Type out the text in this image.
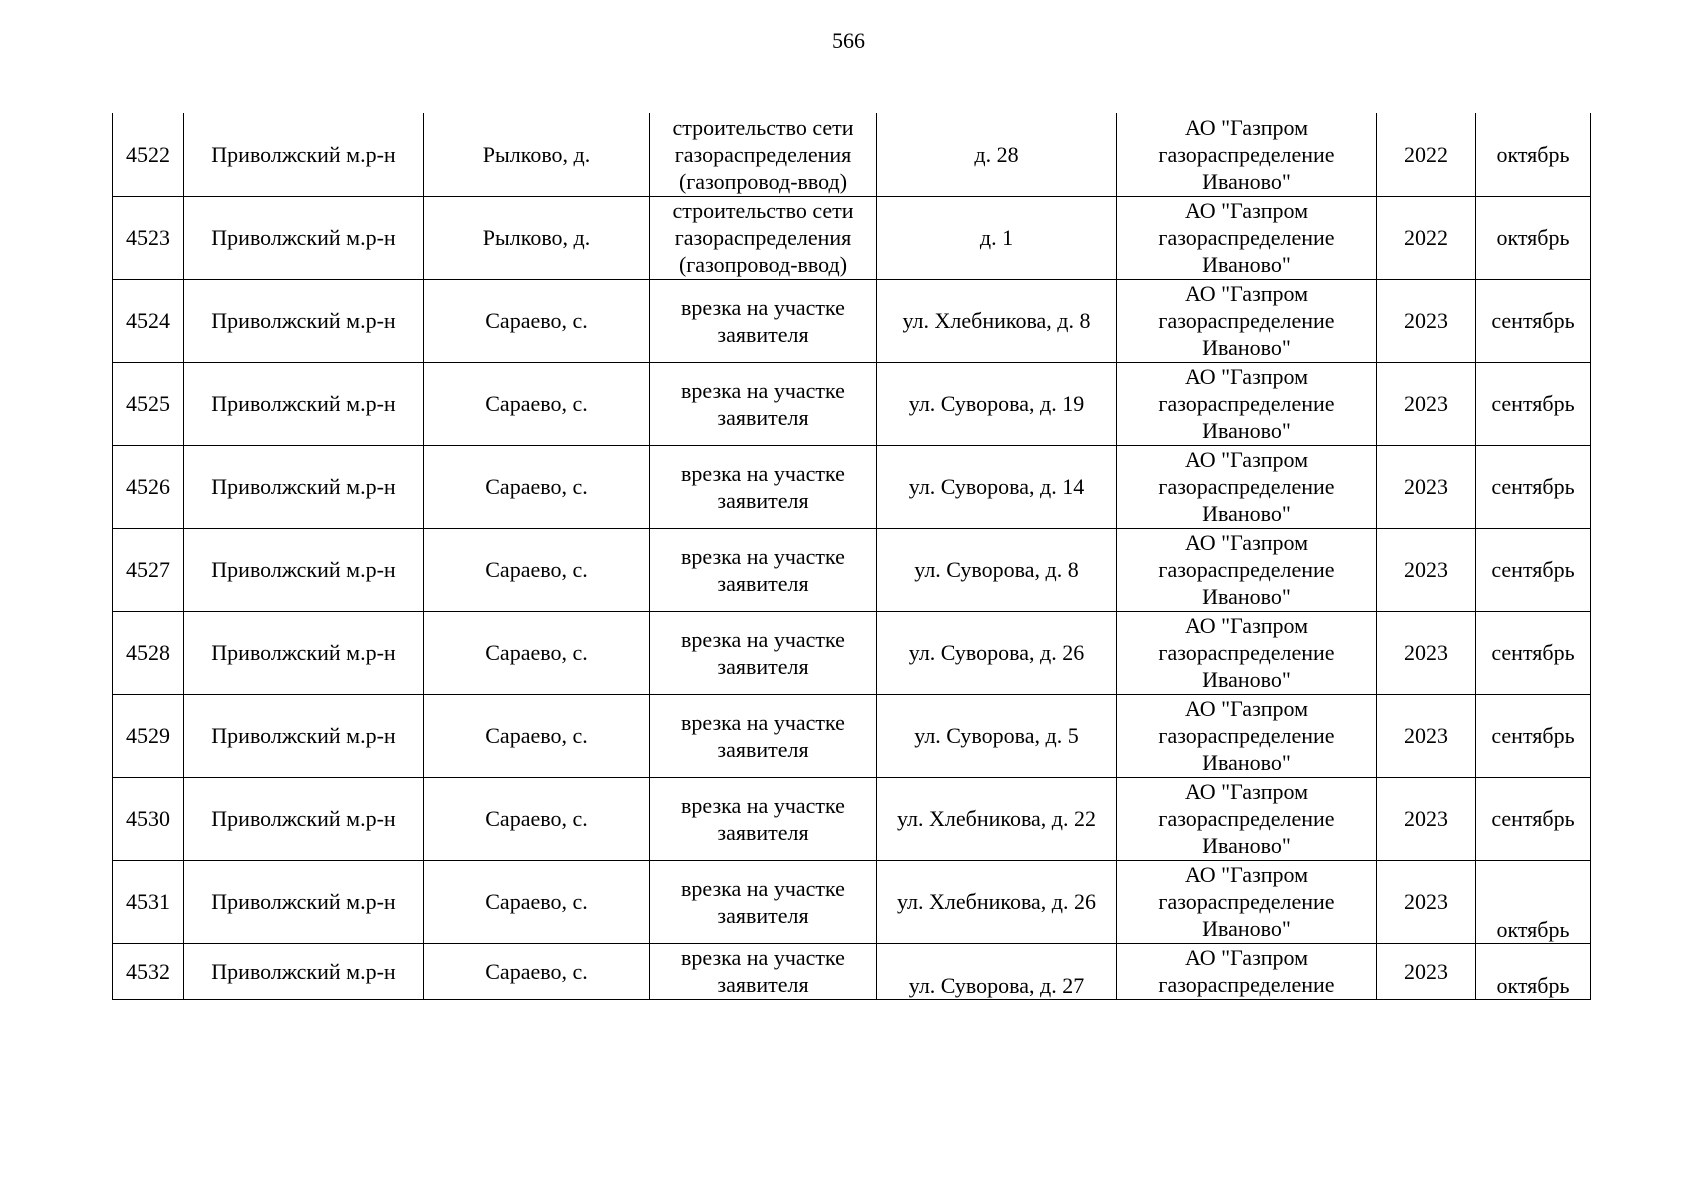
566
4522	Приволжский м.р-н	Рылково, д.	строительство сети газораспределения (газопровод-ввод)	д. 28	АО "Газпром газораспределение Иваново"	2022	октябрь
4523	Приволжский м.р-н	Рылково, д.	строительство сети газораспределения (газопровод-ввод)	д. 1	АО "Газпром газораспределение Иваново"	2022	октябрь
4524	Приволжский м.р-н	Сараево, с.	врезка на участке заявителя	ул. Хлебникова, д. 8	АО "Газпром газораспределение Иваново"	2023	сентябрь
4525	Приволжский м.р-н	Сараево, с.	врезка на участке заявителя	ул. Суворова, д. 19	АО "Газпром газораспределение Иваново"	2023	сентябрь
4526	Приволжский м.р-н	Сараево, с.	врезка на участке заявителя	ул. Суворова, д. 14	АО "Газпром газораспределение Иваново"	2023	сентябрь
4527	Приволжский м.р-н	Сараево, с.	врезка на участке заявителя	ул. Суворова, д. 8	АО "Газпром газораспределение Иваново"	2023	сентябрь
4528	Приволжский м.р-н	Сараево, с.	врезка на участке заявителя	ул. Суворова, д. 26	АО "Газпром газораспределение Иваново"	2023	сентябрь
4529	Приволжский м.р-н	Сараево, с.	врезка на участке заявителя	ул. Суворова, д. 5	АО "Газпром газораспределение Иваново"	2023	сентябрь
4530	Приволжский м.р-н	Сараево, с.	врезка на участке заявителя	ул. Хлебникова, д. 22	АО "Газпром газораспределение Иваново"	2023	сентябрь
4531	Приволжский м.р-н	Сараево, с.	врезка на участке заявителя	ул. Хлебникова, д. 26	АО "Газпром газораспределение Иваново"	2023	октябрь
4532	Приволжский м.р-н	Сараево, с.	врезка на участке заявителя	ул. Суворова, д. 27	АО "Газпром газораспределение	2023	октябрь
